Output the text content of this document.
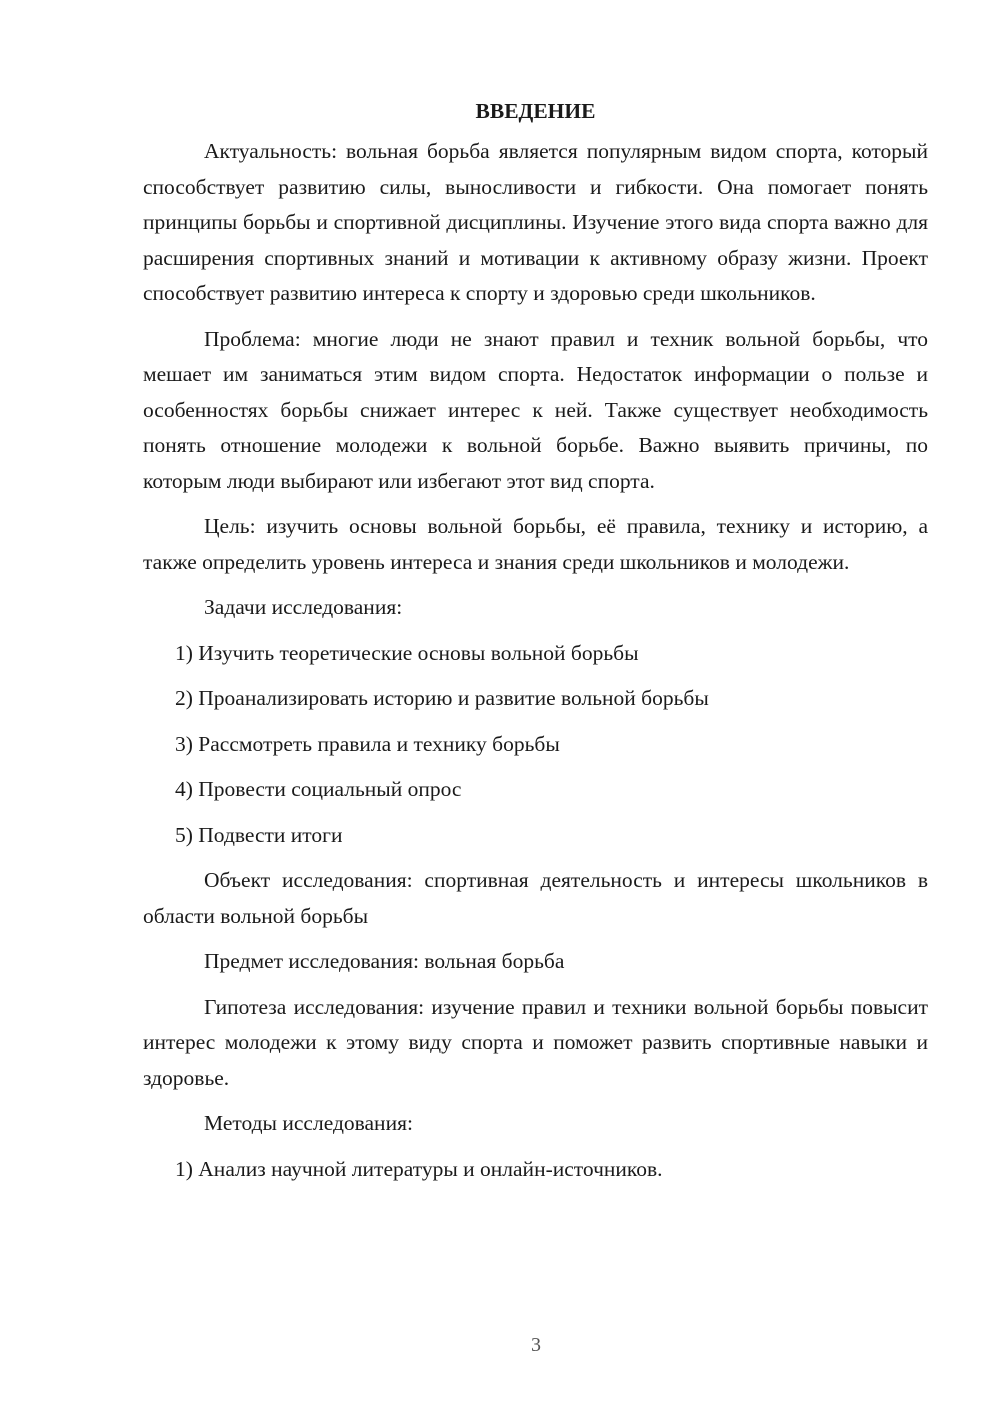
ВВЕДЕНИЕ

Актуальность: вольная борьба является популярным видом спорта, который способствует развитию силы, выносливости и гибкости. Она помогает понять принципы борьбы и спортивной дисциплины. Изучение этого вида спорта важно для расширения спортивных знаний и мотивации к активному образу жизни. Проект способствует развитию интереса к спорту и здоровью среди школьников.

Проблема: многие люди не знают правил и техник вольной борьбы, что мешает им заниматься этим видом спорта. Недостаток информации о пользе и особенностях борьбы снижает интерес к ней. Также существует необходимость понять отношение молодежи к вольной борьбе. Важно выявить причины, по которым люди выбирают или избегают этот вид спорта.

Цель: изучить основы вольной борьбы, её правила, технику и историю, а также определить уровень интереса и знания среди школьников и молодежи.

Задачи исследования:

1) Изучить теоретические основы вольной борьбы

2) Проанализировать историю и развитие вольной борьбы

3) Рассмотреть правила и технику борьбы

4) Провести социальный опрос

5) Подвести итоги

Объект исследования: спортивная деятельность и интересы школьников в области вольной борьбы

Предмет исследования: вольная борьба

Гипотеза исследования: изучение правил и техники вольной борьбы повысит интерес молодежи к этому виду спорта и поможет развить спортивные навыки и здоровье.

Методы исследования:

1) Анализ научной литературы и онлайн-источников.

3
